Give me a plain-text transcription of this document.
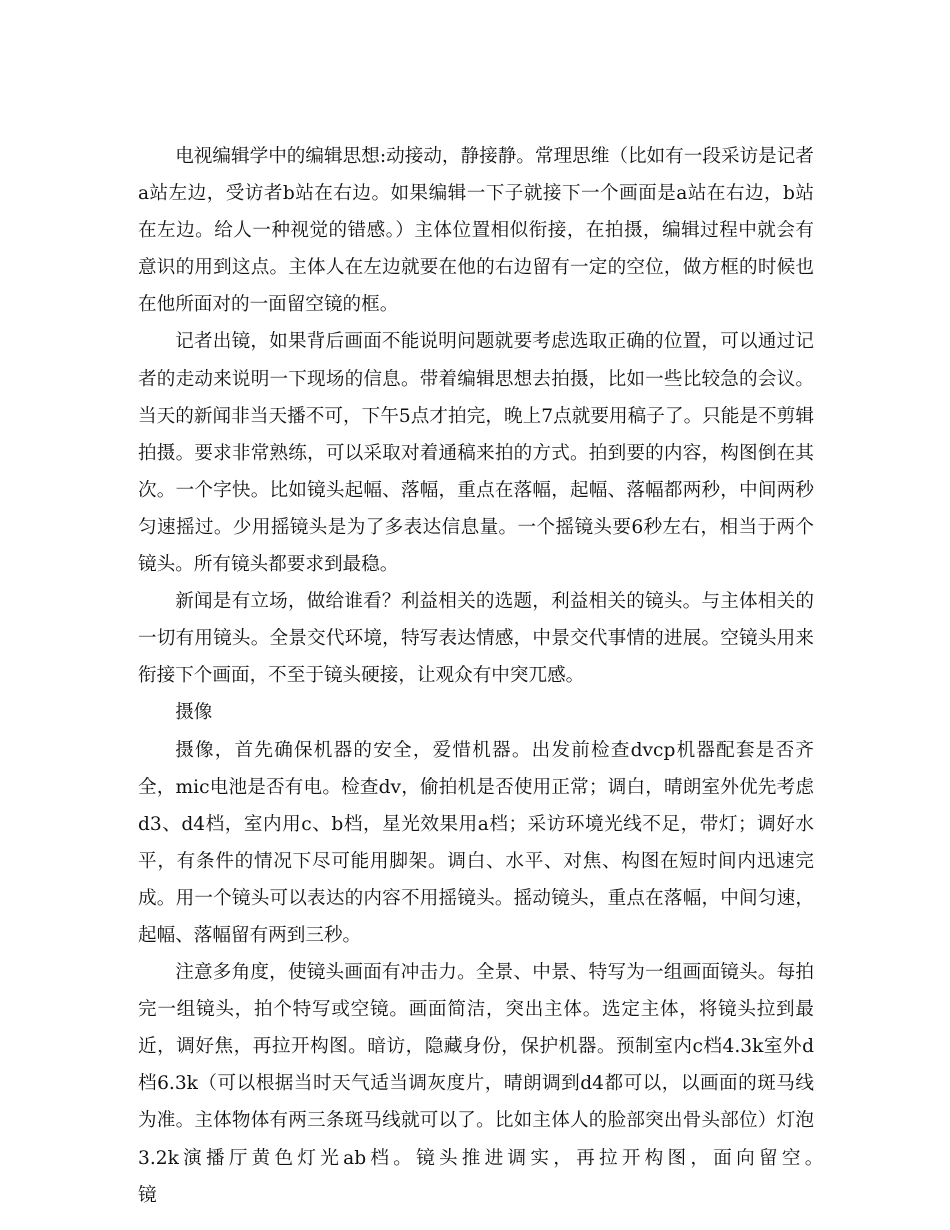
电视编辑学中的编辑思想:动接动，静接静。常理思维（比如有一段采访是记者a站左边，受访者b站在右边。如果编辑一下子就接下一个画面是a站在右边，b站在左边。给人一种视觉的错感。）主体位置相似衔接，在拍摄，编辑过程中就会有意识的用到这点。主体人在左边就要在他的右边留有一定的空位，做方框的时候也在他所面对的一面留空镜的框。

记者出镜，如果背后画面不能说明问题就要考虑选取正确的位置，可以通过记者的走动来说明一下现场的信息。带着编辑思想去拍摄，比如一些比较急的会议。当天的新闻非当天播不可，下午5点才拍完，晚上7点就要用稿子了。只能是不剪辑拍摄。要求非常熟练，可以采取对着通稿来拍的方式。拍到要的内容，构图倒在其次。一个字快。比如镜头起幅、落幅，重点在落幅，起幅、落幅都两秒，中间两秒匀速摇过。少用摇镜头是为了多表达信息量。一个摇镜头要6秒左右，相当于两个镜头。所有镜头都要求到最稳。

新闻是有立场，做给谁看？利益相关的选题，利益相关的镜头。与主体相关的一切有用镜头。全景交代环境，特写表达情感，中景交代事情的进展。空镜头用来衔接下个画面，不至于镜头硬接，让观众有中突兀感。

摄像

摄像，首先确保机器的安全，爱惜机器。出发前检查dvcp机器配套是否齐全，mic电池是否有电。检查dv，偷拍机是否使用正常；调白，晴朗室外优先考虑d3、d4档，室内用c、b档，星光效果用a档；采访环境光线不足，带灯；调好水平，有条件的情况下尽可能用脚架。调白、水平、对焦、构图在短时间内迅速完成。用一个镜头可以表达的内容不用摇镜头。摇动镜头，重点在落幅，中间匀速，起幅、落幅留有两到三秒。

注意多角度，使镜头画面有冲击力。全景、中景、特写为一组画面镜头。每拍完一组镜头，拍个特写或空镜。画面简洁，突出主体。选定主体，将镜头拉到最近，调好焦，再拉开构图。暗访，隐藏身份，保护机器。预制室内c档4.3k室外d档6.3k（可以根据当时天气适当调灰度片，晴朗调到d4都可以，以画面的斑马线为准。主体物体有两三条斑马线就可以了。比如主体人的脸部突出骨头部位）灯泡3.2k演播厅黄色灯光ab档。镜头推进调实，再拉开构图，面向留空。　　　　　　镜
